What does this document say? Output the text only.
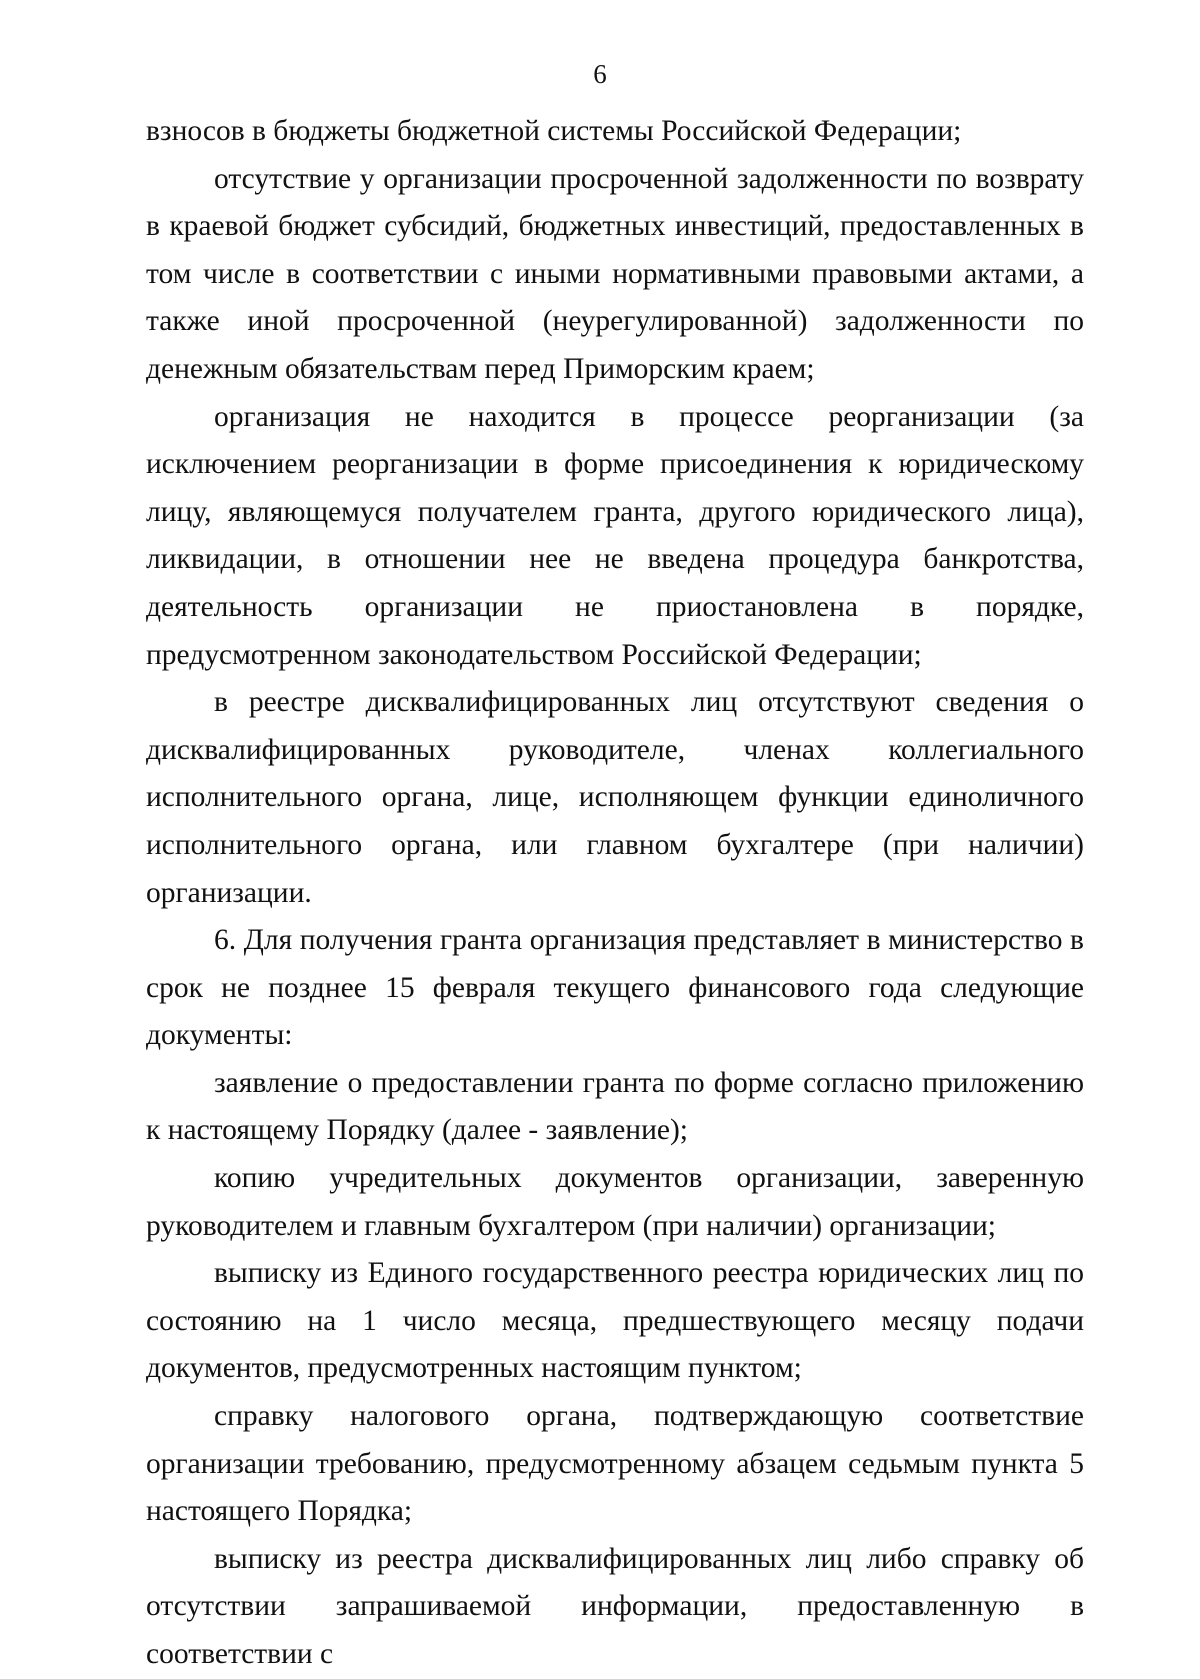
6

взносов в бюджеты бюджетной системы Российской Федерации;

отсутствие у организации просроченной задолженности по возврату в краевой бюджет субсидий, бюджетных инвестиций, предоставленных в том числе в соответствии с иными нормативными правовыми актами, а также иной просроченной (неурегулированной) задолженности по денежным обязательствам перед Приморским краем;

организация не находится в процессе реорганизации (за исключением реорганизации в форме присоединения к юридическому лицу, являющемуся получателем гранта, другого юридического лица), ликвидации, в отношении нее не введена процедура банкротства, деятельность организации не приостановлена в порядке, предусмотренном законодательством Российской Федерации;

в реестре дисквалифицированных лиц отсутствуют сведения о дисквалифицированных руководителе, членах коллегиального исполнительного органа, лице, исполняющем функции единоличного исполнительного органа, или главном бухгалтере (при наличии) организации.

6. Для получения гранта организация представляет в министерство в срок не позднее 15 февраля текущего финансового года следующие документы:

заявление о предоставлении гранта по форме согласно приложению к настоящему Порядку (далее - заявление);

копию учредительных документов организации, заверенную руководителем и главным бухгалтером (при наличии) организации;

выписку из Единого государственного реестра юридических лиц по состоянию на 1 число месяца, предшествующего месяцу подачи документов, предусмотренных настоящим пунктом;

справку налогового органа, подтверждающую соответствие организации требованию, предусмотренному абзацем седьмым пункта 5 настоящего Порядка;

выписку из реестра дисквалифицированных лиц либо справку об отсутствии запрашиваемой информации, предоставленную в соответствии с
